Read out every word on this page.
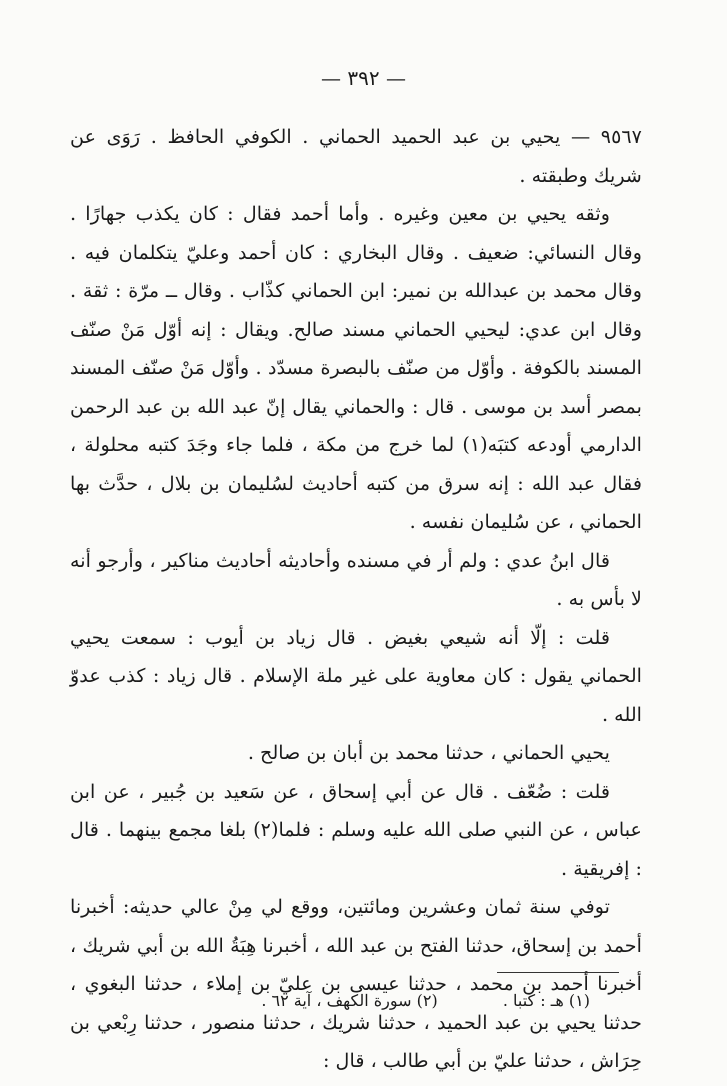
— ٣٩٢ —

٩٥٦٧ — يحيي بن عبد الحميد الحماني . الكوفي الحافظ . رَوَى عن شريك وطبقته .

وثقه يحيي بن معين وغيره . وأما أحمد فقال : كان يكذب جهارًا . وقال النسائي: ضعيف . وقال البخاري : كان أحمد وعليّ يتكلمان فيه . وقال محمد بن عبدالله بن نمير: ابن الحماني كذّاب . وقال ــ مرّة : ثقة . وقال ابن عدي: ليحيي الحماني مسند صالح. ويقال : إنه أوّل مَنْ صنّف المسند بالكوفة . وأوّل من صنّف بالبصرة مسدّد . وأوّل مَنْ صنّف المسند بمصر أسد بن موسى . قال : والحماني يقال إنّ عبد الله بن عبد الرحمن الدارمي أودعه كتبَه(١) لما خرج من مكة ، فلما جاء وجَدَ كتبه محلولة ، فقال عبد الله : إنه سرق من كتبه أحاديث لسُليمان بن بلال ، حدَّث بها الحماني ، عن سُليمان نفسه .

قال ابنُ عدي : ولم أر في مسنده وأحاديثه أحاديث مناكير ، وأرجو أنه لا بأس به .

قلت : إلّا أنه شيعي بغيض . قال زياد بن أيوب : سمعت يحيي الحماني يقول : كان معاوية على غير ملة الإسلام . قال زياد : كذب عدوّ الله .

يحيي الحماني ، حدثنا محمد بن أبان بن صالح .

قلت : ضُعّف . قال عن أبي إسحاق ، عن سَعيد بن جُبير ، عن ابن عباس ، عن النبي صلى الله عليه وسلم : فلما(٢) بلغا مجمع بينهما . قال : إفريقية .

توفي سنة ثمان وعشرين ومائتين، ووقع لي مِنْ عالي حديثه: أخبرنا أحمد بن إسحاق، حدثنا الفتح بن عبد الله ، أخبرنا هِبَةُ الله بن أبي شريك ، أخبرنا أحمد بن محمد ، حدثنا عيسى بن عليّ بن إملاء ، حدثنا البغوي ، حدثنا يحيي بن عبد الحميد ، حدثنا شريك ، حدثنا منصور ، حدثنا رِبْعي بن حِرَاش ، حدثنا عليّ بن أبي طالب ، قال :

(١) هـ : كتبا . (٢) سورة الكهف ، آية ٦٢ .
